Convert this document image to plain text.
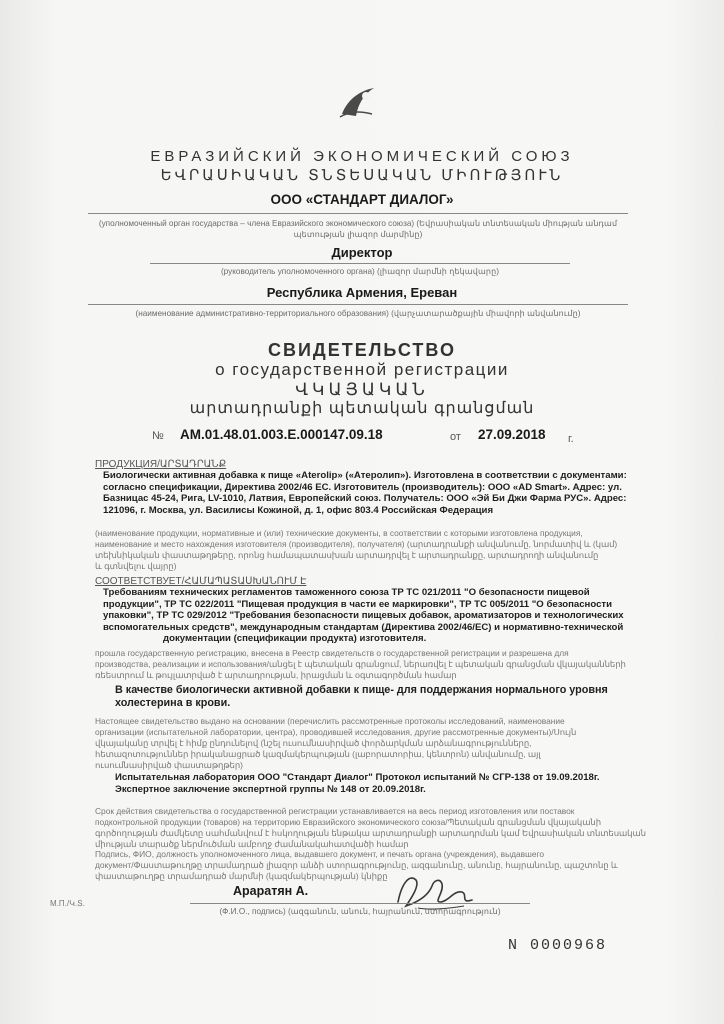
ЕВРАЗИЙСКИЙ ЭКОНОМИЧЕСКИЙ СОЮЗ
ԵՎՐԱՍԻԱԿԱՆ ՏՆՏԵՍԱԿԱՆ ՄԻՈՒԹՅՈՒՆ
ООО «СТАНДАРТ ДИАЛОГ»
(уполномоченный орган государства – члена Евразийского экономического союза) (Եվրասիական տնտեսական միության անդամ պետության լիազոր մարմինը)
Директор
(руководитель уполномоченного органа) (լիազոր մարմնի ղեկավարը)
Республика Армения, Ереван
(наименование административно-территориального образования) (վարչատարածքային միավորի անվանումը)
СВИДЕТЕЛЬСТВО
о государственной регистрации
ՎԿԱՅԱԿԱՆ
արտադրանքի պետական գրանցման
№ AM.01.48.01.003.E.000147.09.18	от 27.09.2018 г.
ПРОДУКЦИЯ/ԱՐՏԱԴՐԱՆՔ
Биологически активная добавка к пище «Aterolip» («Атеролип»). Изготовлена в соответствии с документами:
согласно спецификации, Директива 2002/46 ЕС. Изготовитель (производитель): ООО «AD Smart». Адрес: ул.
Базницас 45-24, Рига, LV-1010, Латвия, Европейский союз. Получатель: ООО «Эй Би Джи Фарма РУС». Адрес:
121096, г. Москва, ул. Василисы Кожиной, д. 1, офис 803.4 Российская Федерация
(наименование продукции, нормативные и (или) технические документы, в соответствии с которыми изготовлена продукция,
наименование и место нахождения изготовителя (производителя), получателя) (արտադրանքի անվանումը, նորմատիվ և (կամ)
տեխնիկական փաստաթղթերը, որոնց համապատասխան արտադրվել է արտադրանքը, արտադրողի անվանումը
և գտնվելու վայրը)
СООТВЕТСТВУЕТ/ՀԱՄԱՊԱՏԱՍԽԱՆՈՒՄ Է
Требованиям технических регламентов таможенного союза ТР ТС 021/2011 "О безопасности пищевой
продукции", ТР ТС 022/2011 "Пищевая продукция в части ее маркировки", ТР ТС 005/2011 "О безопасности
упаковки", ТР ТС 029/2012 "Требования безопасности пищевых добавок, ароматизаторов и технологических
вспомогательных средств", международным стандартам (Директива 2002/46/EC) и нормативно-технической
документации (спецификации продукта) изготовителя.
прошла государственную регистрацию, внесена в Реестр свидетельств о государственной регистрации и разрешена для
производства, реализации и использования/անցել է պետական գրանցում, ներառվել է պետական գրանցման վկայականների
ռեեստրում և թույլատրված է արտադրության, իրացման և օգտագործման համար
В качестве биологически активной добавки к пище- для поддержания нормального уровня
холестерина в крови.
Настоящее свидетельство выдано на основании (перечислить рассмотренные протоколы исследований, наименование
организации (испытательной лаборатории, центра), проводившей исследования, другие рассмотренные документы)/Սույն
վկայականը տրվել է հիմք ընդունելով (նշել ուսումնասիրված փորձարկման արձանագրությունները,
հետազոտություններ իրականացրած կազմակերպության (լաբորատորիա, կենտրոն) անվանումը, այլ
ուսումնասիրված փաստաթղթեր)
Испытательная лаборатория ООО "Стандарт Диалог" Протокол испытаний № СГР-138 от 19.09.2018г.
Экспертное заключение экспертной группы № 148 от 20.09.2018г.
Срок действия свидетельства о государственной регистрации устанавливается на весь период изготовления или поставок
подконтрольной продукции (товаров) на территорию Евразийского экономического союза/Պետական գրանցման վկայականի
գործողության ժամկետը սահմանվում է հսկողության ենթակա արտադրանքի արտադրման կամ Եվրասիական տնտեսական
միության տարածք ներմուծման ամբողջ ժամանակահատվածի համար
Подпись, ФИО, должность уполномоченного лица, выдавшего документ, и печать органа (учреждения), выдавшего
документ/Փաստաթուղթը տրամադրած լիազոր անձի ստորագրությունը, ազգանունը, անունը, հայրանունը, պաշտոնը և
փաստաթուղթը տրամադրած մարմնի (կազմակերպության) կնիքը
Араратян А.
М.П./Կ.Տ.
(Ф.И.О., подпись) (ազգանուն, անուն, հայրանուն, ստորագրություն)
N 0000968
